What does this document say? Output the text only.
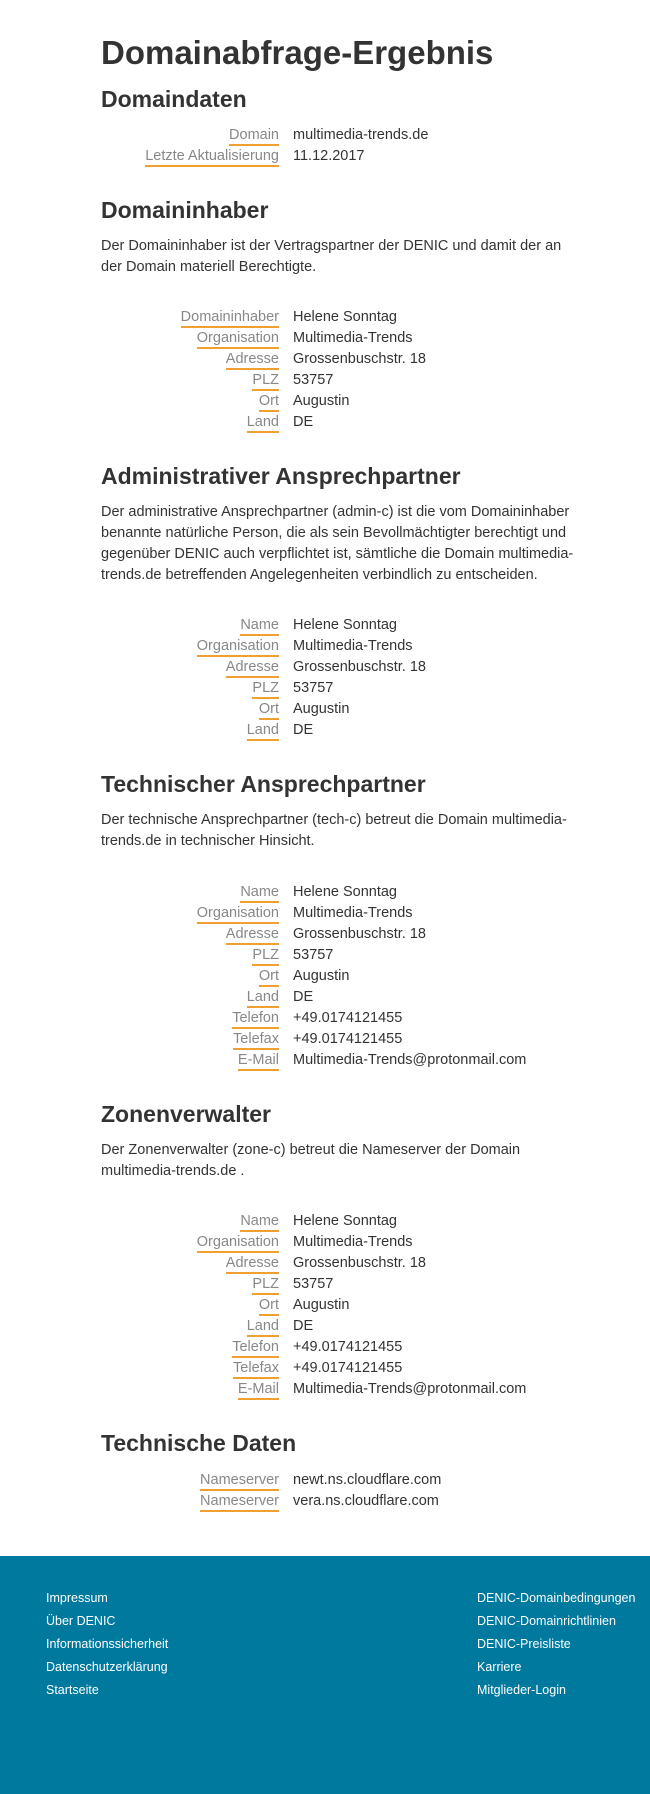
Domainabfrage-Ergebnis
Domaindaten
Domain multimedia-trends.de
Letzte Aktualisierung 11.12.2017
Domaininhaber

Der Domaininhaber ist der Vertragspartner der DENIC und damit der an der Domain materiell Berechtigte.

Domaininhaber Helene Sonntag
Organisation Multimedia-Trends
Adresse Grossenbuschstr. 18
PLZ 53757
Ort Augustin
Land DE
Administrativer Ansprechpartner

Der administrative Ansprechpartner (admin-c) ist die vom Domaininhaber benannte natürliche Person, die als sein Bevollmächtigter berechtigt und gegenüber DENIC auch verpflichtet ist, sämtliche die Domain multimedia-trends.de betreffenden Angelegenheiten verbindlich zu entscheiden.

Name Helene Sonntag
Organisation Multimedia-Trends
Adresse Grossenbuschstr. 18
PLZ 53757
Ort Augustin
Land DE
Technischer Ansprechpartner

Der technische Ansprechpartner (tech-c) betreut die Domain multimedia-trends.de in technischer Hinsicht.

Name Helene Sonntag
Organisation Multimedia-Trends
Adresse Grossenbuschstr. 18
PLZ 53757
Ort Augustin
Land DE
Telefon +49.0174121455
Telefax +49.0174121455
E-Mail Multimedia-Trends@protonmail.com
Zonenverwalter

Der Zonenverwalter (zone-c) betreut die Nameserver der Domain multimedia-trends.de .

Name Helene Sonntag
Organisation Multimedia-Trends
Adresse Grossenbuschstr. 18
PLZ 53757
Ort Augustin
Land DE
Telefon +49.0174121455
Telefax +49.0174121455
E-Mail Multimedia-Trends@protonmail.com
Technische Daten
Nameserver newt.ns.cloudflare.com
Nameserver vera.ns.cloudflare.com
Impressum
Über DENIC
Informationssicherheit
Datenschutzerklärung
Startseite
DENIC-Domainbedingungen
DENIC-Domainrichtlinien
DENIC-Preisliste
Karriere
Mitglieder-Login
